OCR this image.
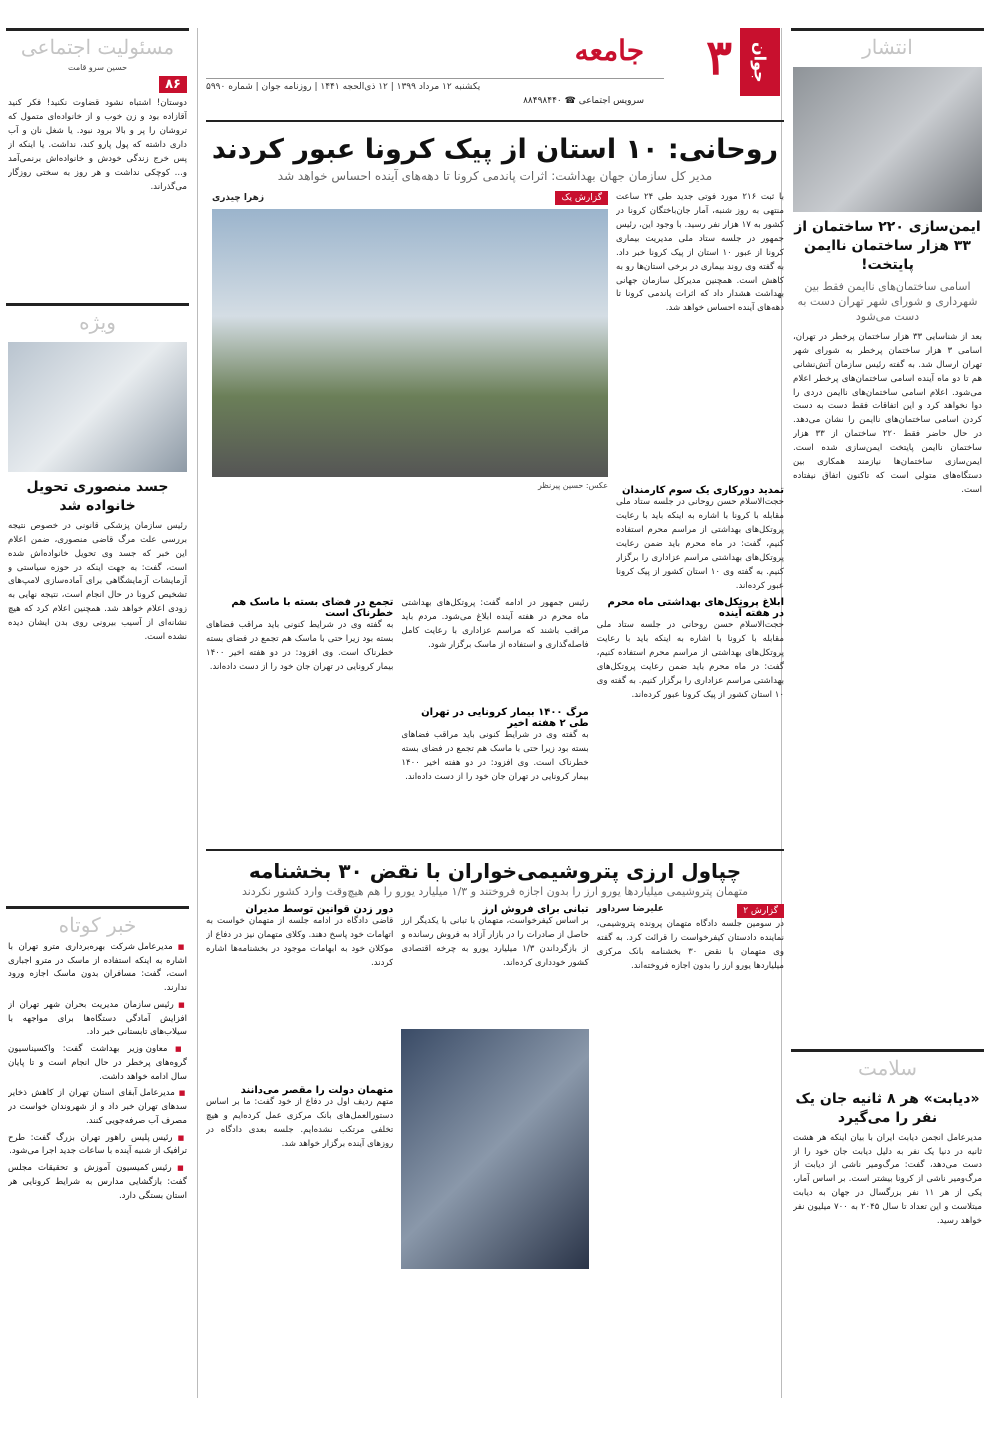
انتشار
ایمن‌سازی ۲۲۰ ساختمان از ۳۳ هزار ساختمان ناایمن پایتخت!
اسامی ساختمان‌های ناایمن فقط بین شهرداری و شورای شهر تهران دست به دست می‌شود
بعد از شناسایی ۳۳ هزار ساختمان پرخطر در تهران، اسامی ۳ هزار ساختمان پرخطر به شورای شهر تهران ارسال شد. به گفته رئیس سازمان آتش‌نشانی هم تا دو ماه آینده اسامی ساختمان‌های پرخطر اعلام می‌شود. اعلام اسامی ساختمان‌های ناایمن دردی را دوا نخواهد کرد و این اتفاقات فقط دست به دست کردن اسامی ساختمان‌های ناایمن را نشان می‌دهد. در حال حاضر فقط ۲۲۰ ساختمان از ۳۳ هزار ساختمان ناایمن پایتخت ایمن‌سازی شده است. ایمن‌سازی ساختمان‌ها نیازمند همکاری بین دستگاه‌های متولی است که تاکنون اتفاق نیفتاده است.
سلامت
«دیابت» هر ۸ ثانیه جان یک نفر را می‌گیرد
مدیرعامل انجمن دیابت ایران با بیان اینکه هر هشت ثانیه در دنیا یک نفر به دلیل دیابت جان خود را از دست می‌دهد، گفت: مرگ‌ومیر ناشی از دیابت از مرگ‌ومیر ناشی از کرونا بیشتر است. بر اساس آمار، یکی از هر ۱۱ نفر بزرگسال در جهان به دیابت مبتلاست و این تعداد تا سال ۲۰۴۵ به ۷۰۰ میلیون نفر خواهد رسید.
جوان
۳
جامعه
یکشنبه ۱۲ مرداد ۱۳۹۹ | ۱۲ ذی‌الحجه ۱۴۴۱ | روزنامه جوان | شماره ۵۹۹۰
سرویس اجتماعی ☎ ۸۸۴۹۸۴۴۰
روحانی: ۱۰ استان از پیک کرونا عبور کردند
مدیر کل سازمان جهان بهداشت: اثرات پاندمی کرونا تا دهه‌های آینده احساس خواهد شد
با ثبت ۲۱۶ مورد فوتی جدید طی ۲۴ ساعت منتهی به روز شنبه، آمار جان‌باختگان کرونا در کشور به ۱۷ هزار نفر رسید. با وجود این، رئیس جمهور در جلسه ستاد ملی مدیریت بیماری کرونا از عبور ۱۰ استان از پیک کرونا خبر داد. به گفته وی روند بیماری در برخی استان‌ها رو به کاهش است. همچنین مدیرکل سازمان جهانی بهداشت هشدار داد که اثرات پاندمی کرونا تا دهه‌های آینده احساس خواهد شد.
تمدید دورکاری یک سوم کارمندان
حجت‌الاسلام حسن روحانی در جلسه ستاد ملی مقابله با کرونا با اشاره به اینکه باید با رعایت پروتکل‌های بهداشتی از مراسم محرم استفاده کنیم، گفت: در ماه محرم باید ضمن رعایت پروتکل‌های بهداشتی مراسم عزاداری را برگزار کنیم. به گفته وی ۱۰ استان کشور از پیک کرونا عبور کرده‌اند.
گزارش یک
زهرا چیذری
عکس: حسین پیرنظر
ابلاغ پروتکل‌های بهداشتی ماه محرم در هفته آینده
حجت‌الاسلام حسن روحانی در جلسه ستاد ملی مقابله با کرونا با اشاره به اینکه باید با رعایت پروتکل‌های بهداشتی از مراسم محرم استفاده کنیم، گفت: در ماه محرم باید ضمن رعایت پروتکل‌های بهداشتی مراسم عزاداری را برگزار کنیم. به گفته وی ۱۰ استان کشور از پیک کرونا عبور کرده‌اند.
رئیس جمهور در ادامه گفت: پروتکل‌های بهداشتی ماه محرم در هفته آینده ابلاغ می‌شود. مردم باید مراقب باشند که مراسم عزاداری با رعایت کامل فاصله‌گذاری و استفاده از ماسک برگزار شود.
مرگ ۱۴۰۰ بیمار کرونایی در تهران طی ۲ هفته اخیر
به گفته وی در شرایط کنونی باید مراقب فضاهای بسته بود زیرا حتی با ماسک هم تجمع در فضای بسته خطرناک است. وی افزود: در دو هفته اخیر ۱۴۰۰ بیمار کرونایی در تهران جان خود را از دست داده‌اند.
تجمع در فضای بسته با ماسک هم خطرناک است
به گفته وی در شرایط کنونی باید مراقب فضاهای بسته بود زیرا حتی با ماسک هم تجمع در فضای بسته خطرناک است. وی افزود: در دو هفته اخیر ۱۴۰۰ بیمار کرونایی در تهران جان خود را از دست داده‌اند.
چپاول ارزی پتروشیمی‌خواران با نقض ۳۰ بخشنامه
متهمان پتروشیمی میلیاردها یورو ارز را بدون اجازه فروختند و ۱/۳ میلیارد یورو را هم هیچ‌وقت وارد کشور نکردند
گزارش ۲
علیرضا سرداور
در سومین جلسه دادگاه متهمان پرونده پتروشیمی، نماینده دادستان کیفرخواست را قرائت کرد. به گفته وی متهمان با نقض ۳۰ بخشنامه بانک مرکزی میلیاردها یورو ارز را بدون اجازه فروخته‌اند.
تبانی برای فروش ارز
بر اساس کیفرخواست، متهمان با تبانی با یکدیگر ارز حاصل از صادرات را در بازار آزاد به فروش رسانده و از بازگرداندن ۱/۳ میلیارد یورو به چرخه اقتصادی کشور خودداری کرده‌اند.
دور زدن قوانین توسط مدیران
قاضی دادگاه در ادامه جلسه از متهمان خواست به اتهامات خود پاسخ دهند. وکلای متهمان نیز در دفاع از موکلان خود به ابهامات موجود در بخشنامه‌ها اشاره کردند.
متهمان دولت را مقصر می‌دانند
متهم ردیف اول در دفاع از خود گفت: ما بر اساس دستورالعمل‌های بانک مرکزی عمل کرده‌ایم و هیچ تخلفی مرتکب نشده‌ایم. جلسه بعدی دادگاه در روزهای آینده برگزار خواهد شد.
مسئولیت اجتماعی
حسین سرو قامت
۸۶
دوستان! اشتباه نشود قضاوت نکنید! فکر کنید آقازاده بود و زن خوب و از خانواده‌ای متمول که تروشان را پر و بالا برود نبود. یا شغل نان و آب داری داشته که پول پارو کند، نداشت. یا اینکه از پس خرج زندگی خودش و خانواده‌اش برنمی‌آمد و... کوچکی نداشت و هر روز به سختی روزگار می‌گذراند.
ویژه
جسد منصوری تحویل خانواده شد
رئیس سازمان پزشکی قانونی در خصوص نتیجه بررسی علت مرگ قاضی منصوری، ضمن اعلام این خبر که جسد وی تحویل خانواده‌اش شده است، گفت: به جهت اینکه در حوزه سیاستی و آزمایشات آزمایشگاهی برای آماده‌سازی لامپ‌های تشخیص کرونا در حال انجام است، نتیجه نهایی به زودی اعلام خواهد شد. همچنین اعلام کرد که هیچ نشانه‌ای از آسیب بیرونی روی بدن ایشان دیده نشده است.
خبر کوتاه
■ مدیرعامل شرکت بهره‌برداری مترو تهران با اشاره به اینکه استفاده از ماسک در مترو اجباری است، گفت: مسافران بدون ماسک اجازه ورود ندارند.
■ رئیس سازمان مدیریت بحران شهر تهران از افزایش آمادگی دستگاه‌ها برای مواجهه با سیلاب‌های تابستانی خبر داد.
■ معاون وزیر بهداشت گفت: واکسیناسیون گروه‌های پرخطر در حال انجام است و تا پایان سال ادامه خواهد داشت.
■ مدیرعامل آبفای استان تهران از کاهش ذخایر سدهای تهران خبر داد و از شهروندان خواست در مصرف آب صرفه‌جویی کنند.
■ رئیس پلیس راهور تهران بزرگ گفت: طرح ترافیک از شنبه آینده با ساعات جدید اجرا می‌شود.
■ رئیس کمیسیون آموزش و تحقیقات مجلس گفت: بازگشایی مدارس به شرایط کرونایی هر استان بستگی دارد.
